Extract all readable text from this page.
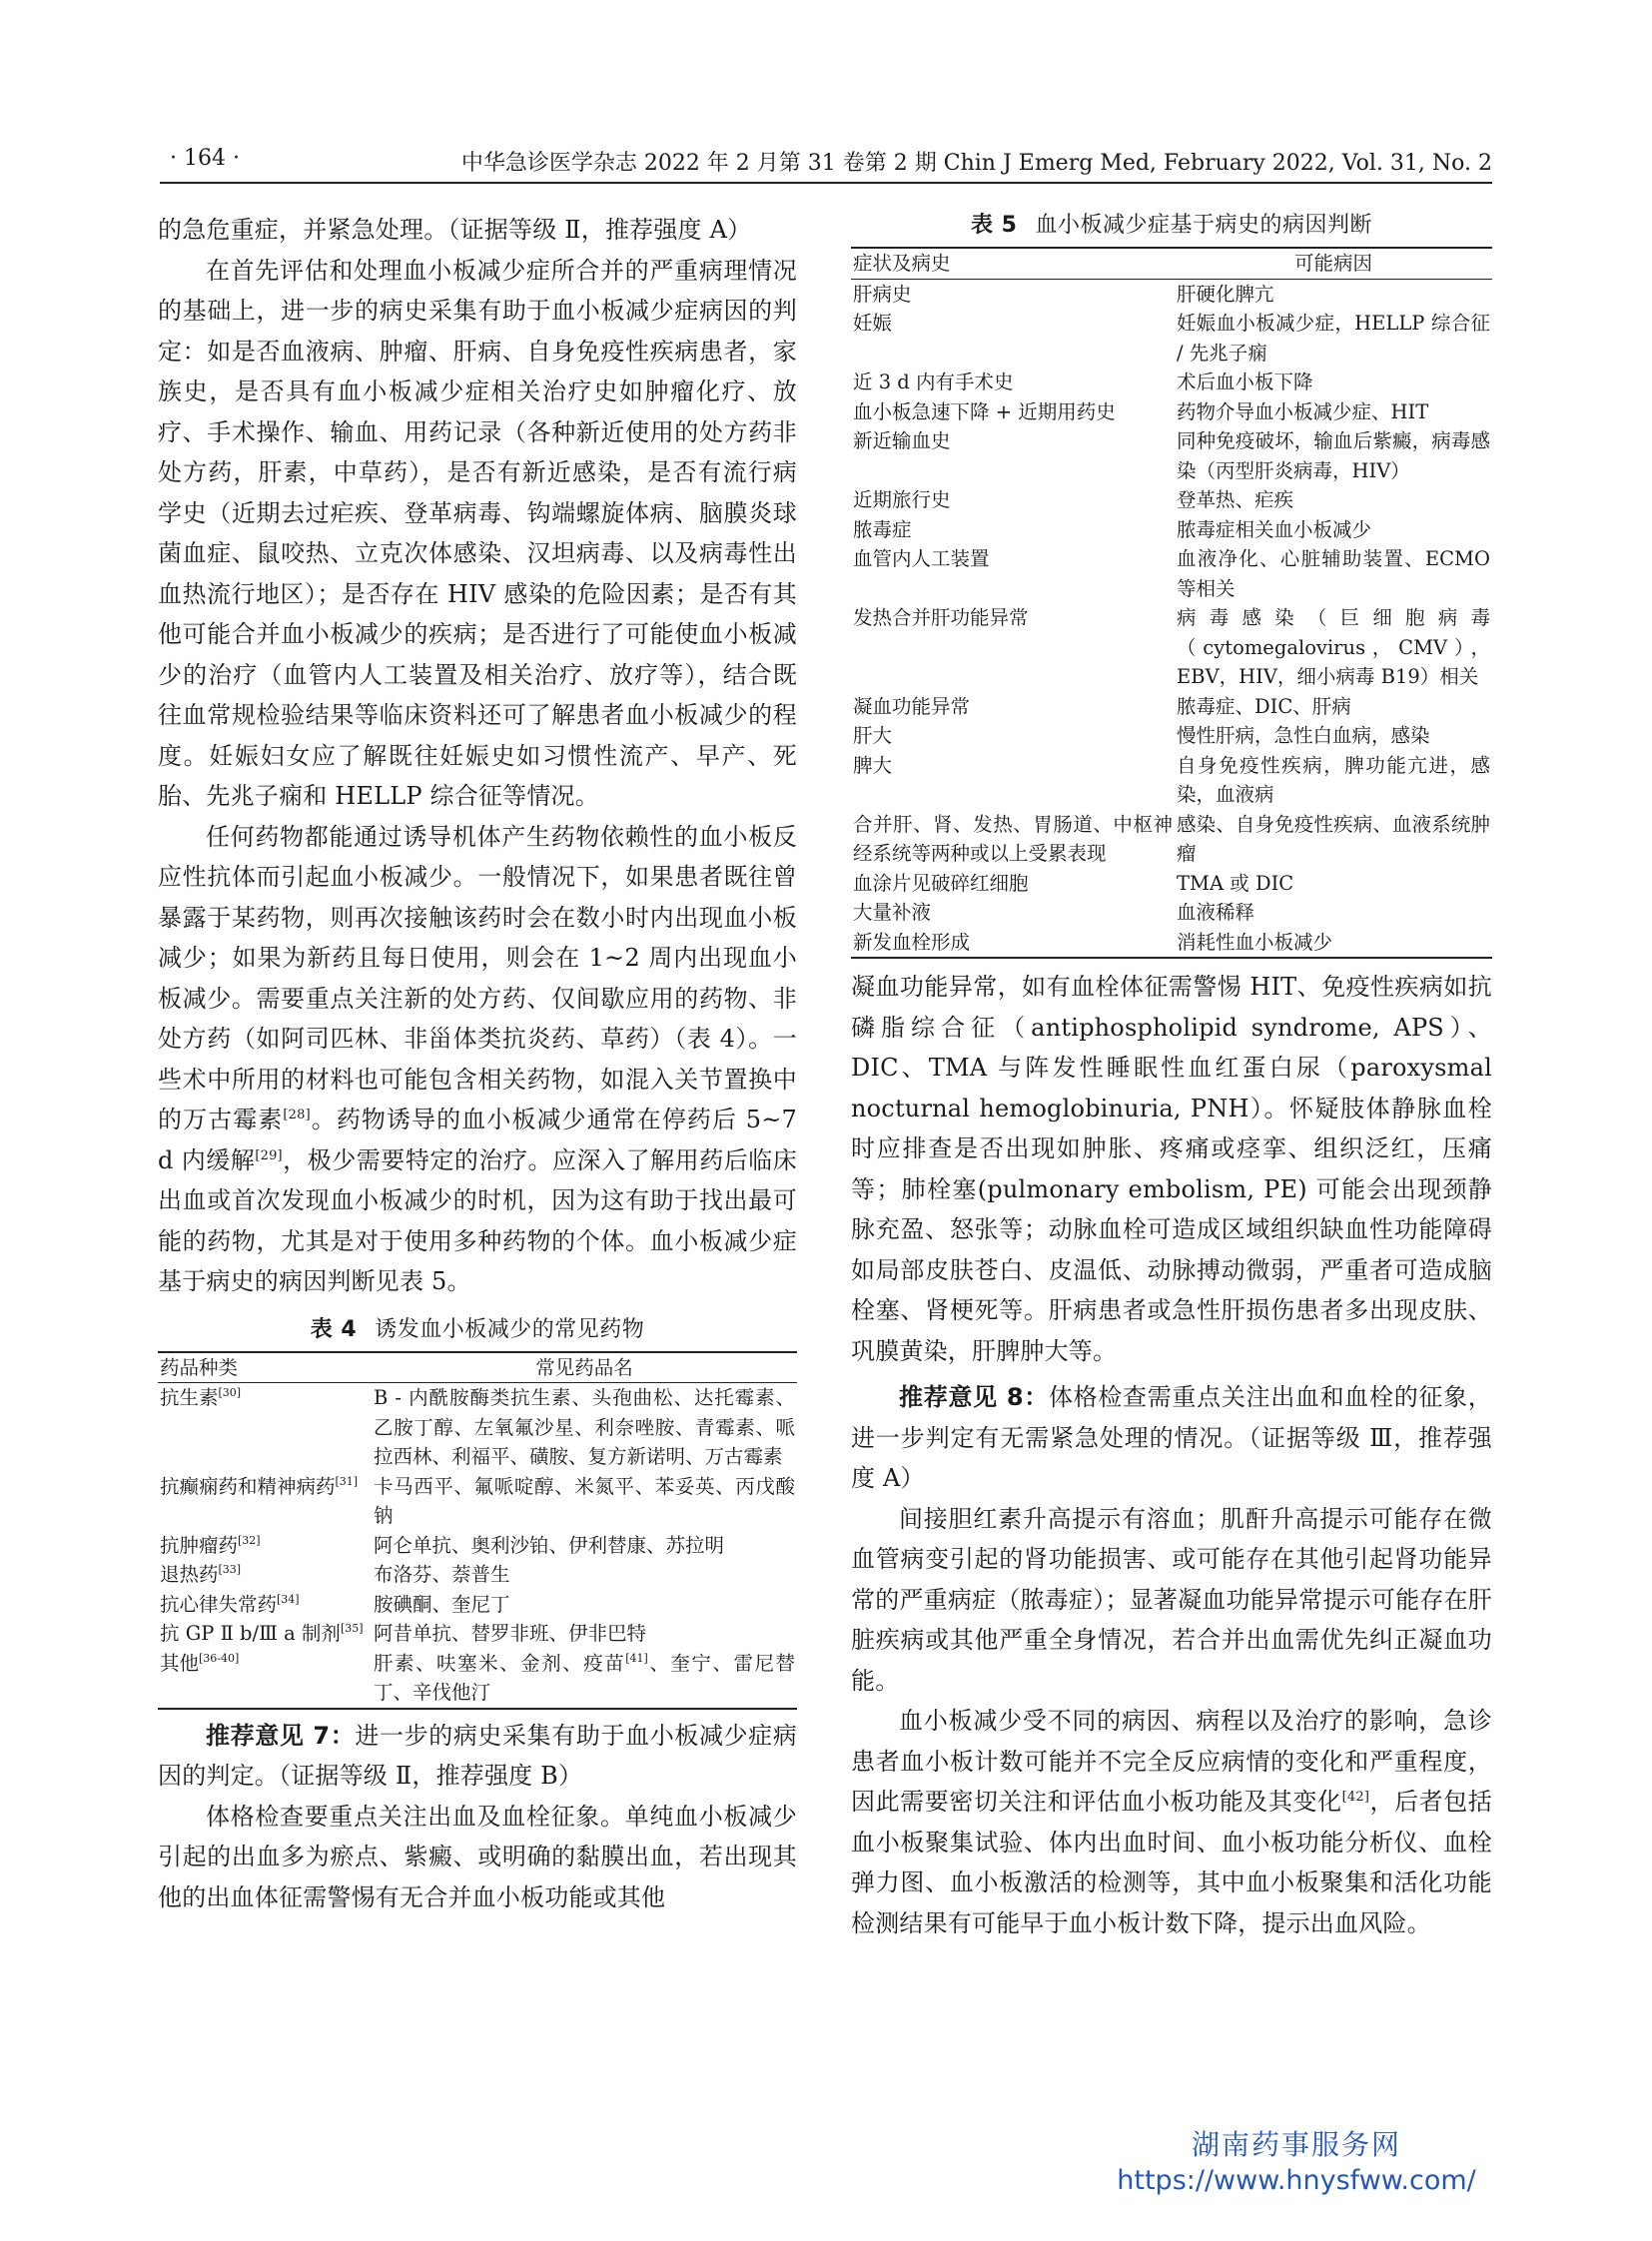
· 164 ·	中华急诊医学杂志 2022 年 2 月第 31 卷第 2 期 Chin J Emerg Med, February 2022, Vol. 31, No. 2

的急危重症，并紧急处理。（证据等级 Ⅱ，推荐强度 A）

在首先评估和处理血小板减少症所合并的严重病理情况的基础上，进一步的病史采集有助于血小板减少症病因的判定：如是否血液病、肿瘤、肝病、自身免疫性疾病患者，家族史，是否具有血小板减少症相关治疗史如肿瘤化疗、放疗、手术操作、输血、用药记录（各种新近使用的处方药非处方药，肝素，中草药），是否有新近感染，是否有流行病学史（近期去过疟疾、登革病毒、钩端螺旋体病、脑膜炎球菌血症、鼠咬热、立克次体感染、汉坦病毒、以及病毒性出血热流行地区）；是否存在 HIV 感染的危险因素；是否有其他可能合并血小板减少的疾病；是否进行了可能使血小板减少的治疗（血管内人工装置及相关治疗、放疗等），结合既往血常规检验结果等临床资料还可了解患者血小板减少的程度。妊娠妇女应了解既往妊娠史如习惯性流产、早产、死胎、先兆子痫和 HELLP 综合征等情况。

任何药物都能通过诱导机体产生药物依赖性的血小板反应性抗体而引起血小板减少。一般情况下，如果患者既往曾暴露于某药物，则再次接触该药时会在数小时内出现血小板减少；如果为新药且每日使用，则会在 1~2 周内出现血小板减少。需要重点关注新的处方药、仅间歇应用的药物、非处方药（如阿司匹林、非甾体类抗炎药、草药）（表 4）。一些术中所用的材料也可能包含相关药物，如混入关节置换中的万古霉素[28]。药物诱导的血小板减少通常在停药后 5~7 d 内缓解[29]，极少需要特定的治疗。应深入了解用药后临床出血或首次发现血小板减少的时机，因为这有助于找出最可能的药物，尤其是对于使用多种药物的个体。血小板减少症基于病史的病因判断见表 5。

表 4 诱发血小板减少的常见药物
药品种类	常见药品名
抗生素[30]	Β - 内酰胺酶类抗生素、头孢曲松、达托霉素、乙胺丁醇、左氧氟沙星、利奈唑胺、青霉素、哌拉西林、利福平、磺胺、复方新诺明、万古霉素
抗癫痫药和精神病药[31]	卡马西平、氟哌啶醇、米氮平、苯妥英、丙戊酸钠
抗肿瘤药[32]	阿仑单抗、奥利沙铂、伊利替康、苏拉明
退热药[33]	布洛芬、萘普生
抗心律失常药[34]	胺碘酮、奎尼丁
抗 GP Ⅱ b/Ⅲ a 制剂[35]	阿昔单抗、替罗非班、伊非巴特
其他[36-40]	肝素、呋塞米、金剂、疫苗[41]、奎宁、雷尼替丁、辛伐他汀

推荐意见 7：进一步的病史采集有助于血小板减少症病因的判定。（证据等级 Ⅱ，推荐强度 B）

体格检查要重点关注出血及血栓征象。单纯血小板减少引起的出血多为瘀点、紫癜、或明确的黏膜出血，若出现其他的出血体征需警惕有无合并血小板功能或其他

表 5 血小板减少症基于病史的病因判断
症状及病史	可能病因
肝病史	肝硬化脾亢
妊娠	妊娠血小板减少症，HELLP 综合征 / 先兆子痫
近 3 d 内有手术史	术后血小板下降
血小板急速下降 + 近期用药史	药物介导血小板减少症、HIT
新近输血史	同种免疫破坏，输血后紫癜，病毒感染（丙型肝炎病毒，HIV）
近期旅行史	登革热、疟疾
脓毒症	脓毒症相关血小板减少
血管内人工装置	血液净化、心脏辅助装置、ECMO 等相关
发热合并肝功能异常	病毒感染（巨细胞病毒（cytomegalovirus，CMV），EBV，HIV，细小病毒 B19）相关
凝血功能异常	脓毒症、DIC、肝病
肝大	慢性肝病，急性白血病，感染
脾大	自身免疫性疾病，脾功能亢进，感染，血液病
合并肝、肾、发热、胃肠道、中枢神经系统等两种或以上受累表现	感染、自身免疫性疾病、血液系统肿瘤
血涂片见破碎红细胞	TMA 或 DIC
大量补液	血液稀释
新发血栓形成	消耗性血小板减少

凝血功能异常，如有血栓体征需警惕 HIT、免疫性疾病如抗磷脂综合征（antiphospholipid syndrome, APS）、DIC、TMA 与阵发性睡眠性血红蛋白尿（paroxysmal nocturnal hemoglobinuria, PNH）。怀疑肢体静脉血栓时应排查是否出现如肿胀、疼痛或痉挛、组织泛红，压痛等；肺栓塞(pulmonary embolism, PE) 可能会出现颈静脉充盈、怒张等；动脉血栓可造成区域组织缺血性功能障碍如局部皮肤苍白、皮温低、动脉搏动微弱，严重者可造成脑栓塞、肾梗死等。肝病患者或急性肝损伤患者多出现皮肤、巩膜黄染，肝脾肿大等。

推荐意见 8：体格检查需重点关注出血和血栓的征象，进一步判定有无需紧急处理的情况。（证据等级 Ⅲ，推荐强度 A）

间接胆红素升高提示有溶血；肌酐升高提示可能存在微血管病变引起的肾功能损害、或可能存在其他引起肾功能异常的严重病症（脓毒症）；显著凝血功能异常提示可能存在肝脏疾病或其他严重全身情况，若合并出血需优先纠正凝血功能。

血小板减少受不同的病因、病程以及治疗的影响，急诊患者血小板计数可能并不完全反应病情的变化和严重程度，因此需要密切关注和评估血小板功能及其变化[42]，后者包括血小板聚集试验、体内出血时间、血小板功能分析仪、血栓弹力图、血小板激活的检测等，其中血小板聚集和活化功能检测结果有可能早于血小板计数下降，提示出血风险。

湖南药事服务网
https://www.hnysfww.com/
